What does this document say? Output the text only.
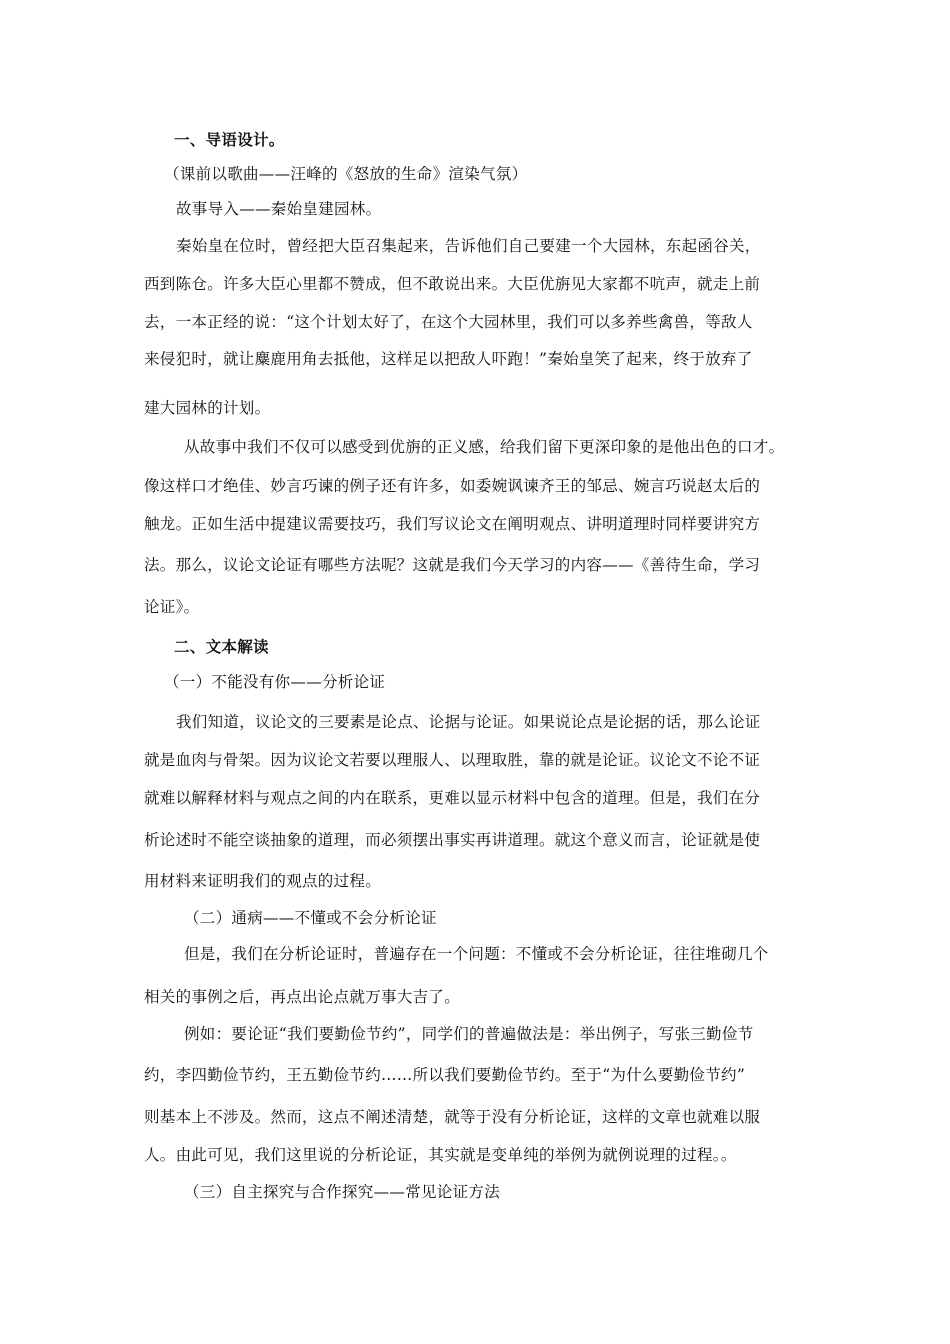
一、导语设计。
（课前以歌曲——汪峰的《怒放的生命》渲染气氛）
故事导入——秦始皇建园林。
秦始皇在位时，曾经把大臣召集起来，告诉他们自己要建一个大园林，东起函谷关，
西到陈仓。许多大臣心里都不赞成，但不敢说出来。大臣优旃见大家都不吭声，就走上前
去，一本正经的说：“这个计划太好了，在这个大园林里，我们可以多养些禽兽，等敌人
来侵犯时，就让麋鹿用角去抵他，这样足以把敌人吓跑！”秦始皇笑了起来，终于放弃了
建大园林的计划。
从故事中我们不仅可以感受到优旃的正义感，给我们留下更深印象的是他出色的口才。
像这样口才绝佳、妙言巧谏的例子还有许多，如委婉讽谏齐王的邹忌、婉言巧说赵太后的
触龙。正如生活中提建议需要技巧，我们写议论文在阐明观点、讲明道理时同样要讲究方
法。那么，议论文论证有哪些方法呢？这就是我们今天学习的内容——《善待生命，学习
论证》。
二、文本解读
（一）不能没有你——分析论证
我们知道，议论文的三要素是论点、论据与论证。如果说论点是论据的话，那么论证
就是血肉与骨架。因为议论文若要以理服人、以理取胜，靠的就是论证。议论文不论不证
就难以解释材料与观点之间的内在联系，更难以显示材料中包含的道理。但是，我们在分
析论述时不能空谈抽象的道理，而必须摆出事实再讲道理。就这个意义而言，论证就是使
用材料来证明我们的观点的过程。
（二）通病——不懂或不会分析论证
但是，我们在分析论证时，普遍存在一个问题：不懂或不会分析论证，往往堆砌几个
相关的事例之后，再点出论点就万事大吉了。
例如：要论证“我们要勤俭节约”，同学们的普遍做法是：举出例子，写张三勤俭节
约，李四勤俭节约，王五勤俭节约……所以我们要勤俭节约。至于“为什么要勤俭节约”
则基本上不涉及。然而，这点不阐述清楚，就等于没有分析论证，这样的文章也就难以服
人。由此可见，我们这里说的分析论证，其实就是变单纯的举例为就例说理的过程。。
（三）自主探究与合作探究——常见论证方法
